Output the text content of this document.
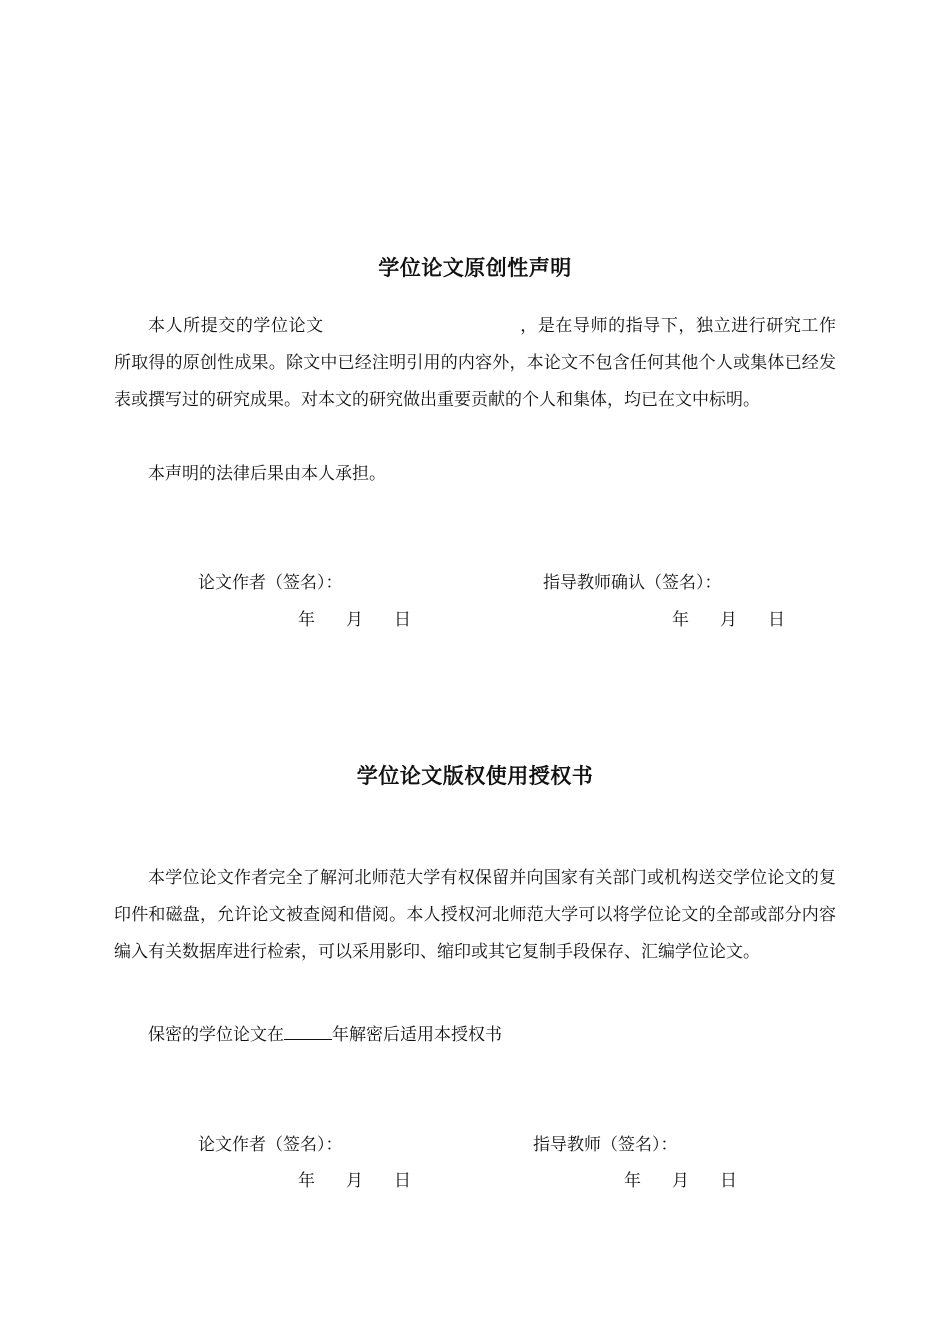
学位论文原创性声明

本人所提交的学位论文	，是在导师的指导下，独立进行研究工作所取得的原创性成果。除文中已经注明引用的内容外，本论文不包含任何其他个人或集体已经发表或撰写过的研究成果。对本文的研究做出重要贡献的个人和集体，均已在文中标明。

本声明的法律后果由本人承担。

论文作者（签名）：	指导教师确认（签名）：

年 月 日	年 月 日

学位论文版权使用授权书

本学位论文作者完全了解河北师范大学有权保留并向国家有关部门或机构送交学位论文的复印件和磁盘，允许论文被查阅和借阅。本人授权河北师范大学可以将学位论文的全部或部分内容编入有关数据库进行检索，可以采用影印、缩印或其它复制手段保存、汇编学位论文。

保密的学位论文在	年解密后适用本授权书

论文作者（签名）：	指导教师（签名）：

年 月 日	年 月 日
